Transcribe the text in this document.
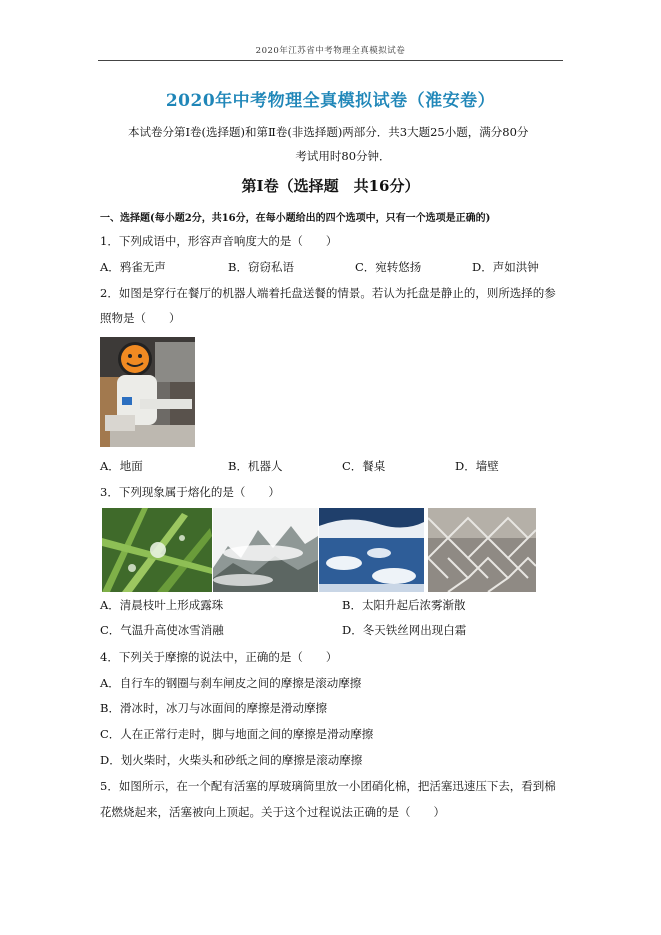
2020年江苏省中考物理全真模拟试卷
2020年中考物理全真模拟试卷（淮安卷）
本试卷分第Ⅰ卷(选择题)和第Ⅱ卷(非选择题)两部分．共3大题25小题，满分80分
考试用时80分钟．
第Ⅰ卷（选择题　共16分）
一、选择题(每小题2分，共16分，在每小题给出的四个选项中，只有一个选项是正确的)
1．下列成语中，形容声音响度大的是（　　）
A．鸦雀无声	B．窃窃私语	C．宛转悠扬	D．声如洪钟
2．如图是穿行在餐厅的机器人端着托盘送餐的情景。若认为托盘是静止的，则所选择的参
照物是（　　）
A．地面	B．机器人	C．餐桌	D．墙壁
3．下列现象属于熔化的是（　　）
A．清晨枝叶上形成露珠	B．太阳升起后浓雾渐散
C．气温升高使冰雪消融	D．冬天铁丝网出现白霜
4．下列关于摩擦的说法中，正确的是（　　）
A．自行车的钢圈与刹车闸皮之间的摩擦是滚动摩擦
B．滑冰时，冰刀与冰面间的摩擦是滑动摩擦
C．人在正常行走时，脚与地面之间的摩擦是滑动摩擦
D．划火柴时，火柴头和砂纸之间的摩擦是滚动摩擦
5．如图所示，在一个配有活塞的厚玻璃筒里放一小团硝化棉，把活塞迅速压下去，看到棉
花燃烧起来，活塞被向上顶起。关于这个过程说法正确的是（　　）
